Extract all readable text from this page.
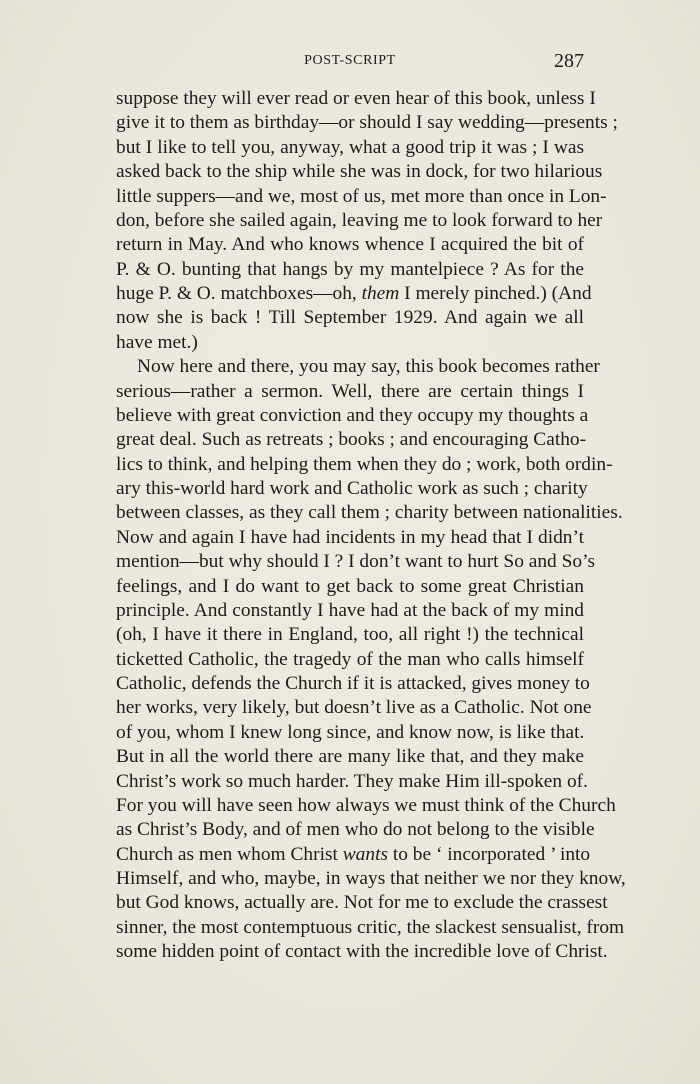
POST-SCRIPT	287
suppose they will ever read or even hear of this book, unless I
give it to them as birthday—or should I say wedding—presents ;
but I like to tell you, anyway, what a good trip it was ; I was
asked back to the ship while she was in dock, for two hilarious
little suppers—and we, most of us, met more than once in Lon-
don, before she sailed again, leaving me to look forward to her
return in May. And who knows whence I acquired the bit of
P. & O. bunting that hangs by my mantelpiece ? As for the
huge P. & O. matchboxes—oh, them I merely pinched.) (And
now she is back ! Till September 1929. And again we all
have met.)
Now here and there, you may say, this book becomes rather
serious—rather a sermon. Well, there are certain things I
believe with great conviction and they occupy my thoughts a
great deal. Such as retreats ; books ; and encouraging Catho-
lics to think, and helping them when they do ; work, both ordin-
ary this-world hard work and Catholic work as such ; charity
between classes, as they call them ; charity between nationalities.
Now and again I have had incidents in my head that I didn’t
mention—but why should I ? I don’t want to hurt So and So’s
feelings, and I do want to get back to some great Christian
principle. And constantly I have had at the back of my mind
(oh, I have it there in England, too, all right !) the technical
ticketted Catholic, the tragedy of the man who calls himself
Catholic, defends the Church if it is attacked, gives money to
her works, very likely, but doesn’t live as a Catholic. Not one
of you, whom I knew long since, and know now, is like that.
But in all the world there are many like that, and they make
Christ’s work so much harder. They make Him ill-spoken of.
For you will have seen how always we must think of the Church
as Christ’s Body, and of men who do not belong to the visible
Church as men whom Christ wants to be ‘ incorporated ’ into
Himself, and who, maybe, in ways that neither we nor they know,
but God knows, actually are. Not for me to exclude the crassest
sinner, the most contemptuous critic, the slackest sensualist, from
some hidden point of contact with the incredible love of Christ.
